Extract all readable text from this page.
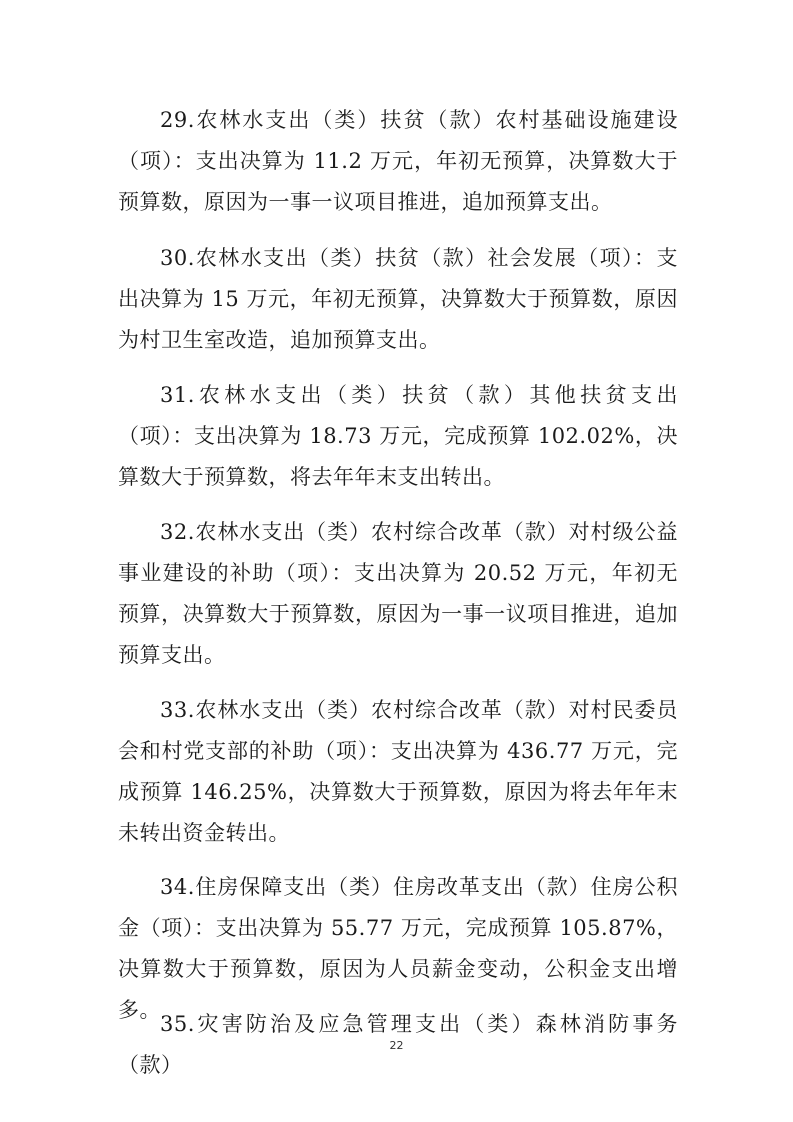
29.农林水支出（类）扶贫（款）农村基础设施建设（项）：支出决算为 11.2 万元，年初无预算，决算数大于预算数，原因为一事一议项目推进，追加预算支出。

30.农林水支出（类）扶贫（款）社会发展（项）：支出决算为 15 万元，年初无预算，决算数大于预算数，原因为村卫生室改造，追加预算支出。

31.农林水支出（类）扶贫（款）其他扶贫支出（项）：支出决算为 18.73 万元，完成预算 102.02%，决算数大于预算数，将去年年末支出转出。

32.农林水支出（类）农村综合改革（款）对村级公益事业建设的补助（项）：支出决算为 20.52 万元，年初无预算，决算数大于预算数，原因为一事一议项目推进，追加预算支出。

33.农林水支出（类）农村综合改革（款）对村民委员会和村党支部的补助（项）：支出决算为 436.77 万元，完成预算 146.25%，决算数大于预算数，原因为将去年年末未转出资金转出。

34.住房保障支出（类）住房改革支出（款）住房公积金（项）：支出决算为 55.77 万元，完成预算 105.87%，决算数大于预算数，原因为人员薪金变动，公积金支出增多。

35.灾害防治及应急管理支出（类）森林消防事务（款）

22
